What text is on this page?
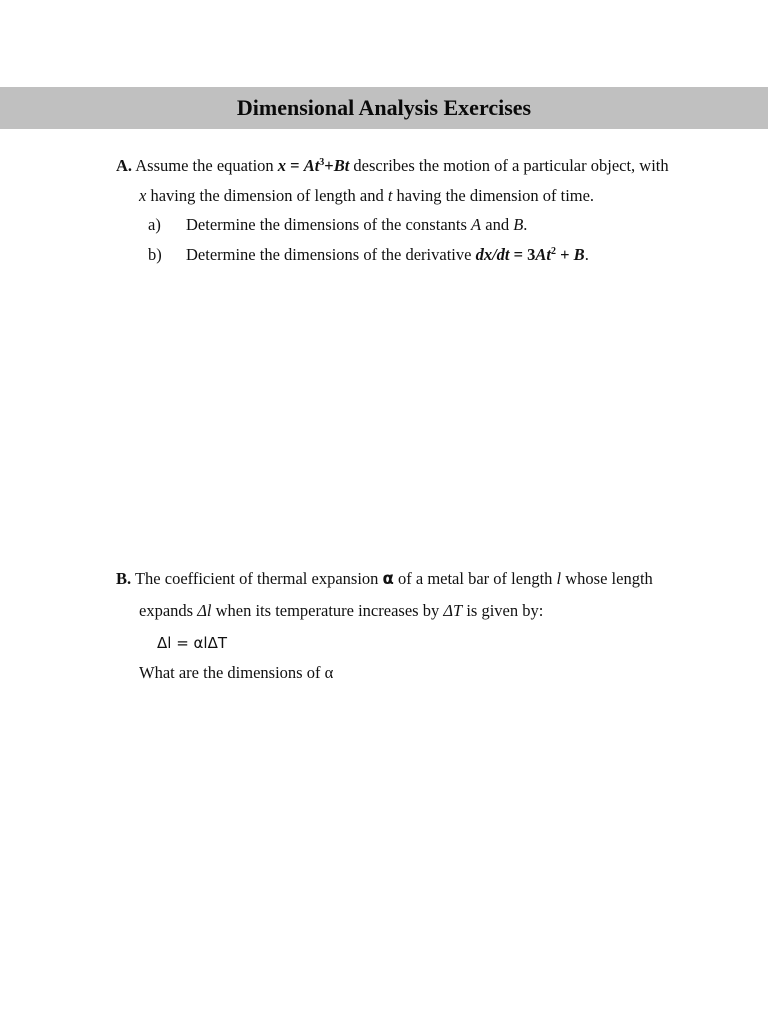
Dimensional Analysis Exercises
A. Assume the equation $x = At^3+Bt$ describes the motion of a particular object, with
x having the dimension of length and t having the dimension of time.
a) Determine the dimensions of the constants A and B.
b) Determine the dimensions of the derivative $dx/dt = 3At^2 + B$.
B. The coefficient of thermal expansion α of a metal bar of length l whose length
expands Δl when its temperature increases by ΔT is given by:
Δl = αlΔT
What are the dimensions of α
